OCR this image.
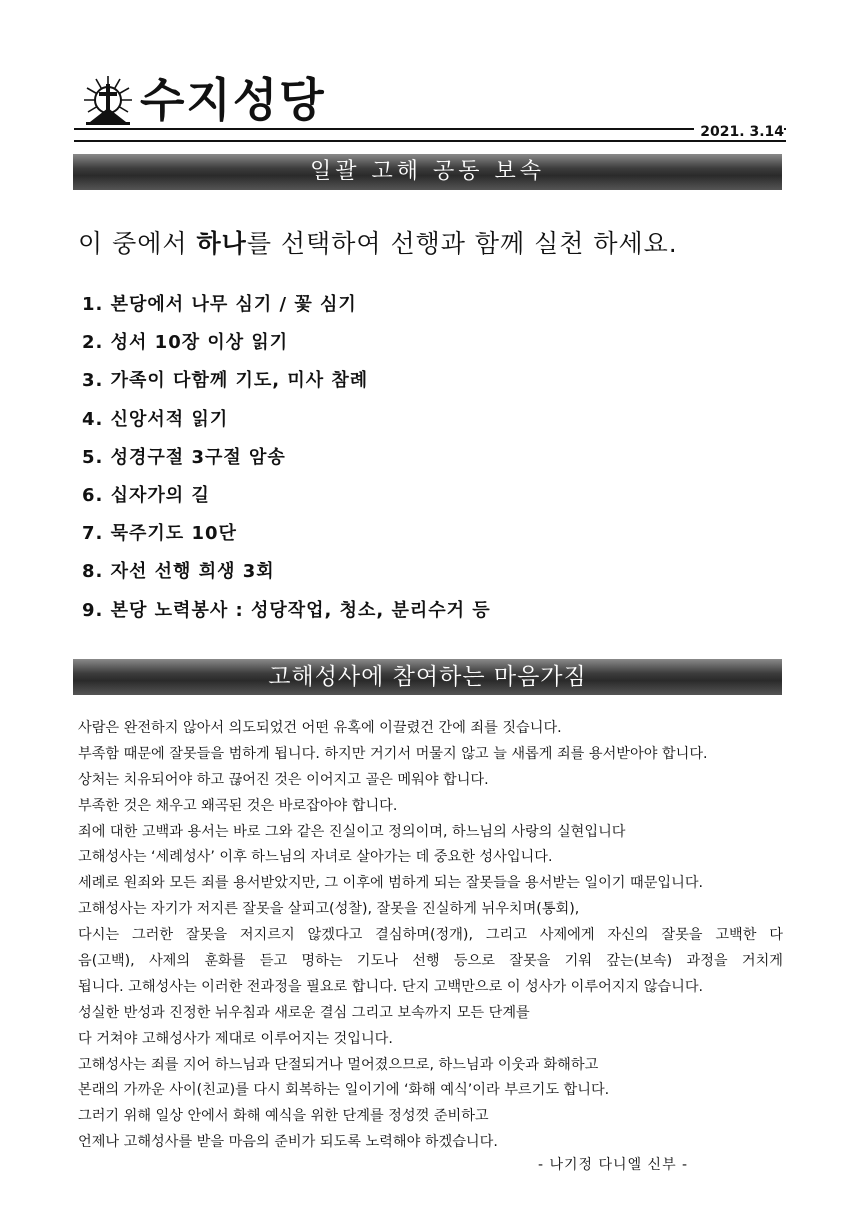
수지성당
2021. 3.14
일괄 고해 공동 보속
이 중에서 하나를 선택하여 선행과 함께 실천 하세요.
1. 본당에서 나무 심기 / 꽃 심기
2. 성서 10장 이상 읽기
3. 가족이 다함께 기도, 미사 참례
4. 신앙서적 읽기
5. 성경구절 3구절 암송
6. 십자가의 길
7. 묵주기도 10단
8. 자선 선행 희생 3회
9. 본당 노력봉사 : 성당작업, 청소, 분리수거 등
고해성사에 참여하는 마음가짐

사람은 완전하지 않아서 의도되었건 어떤 유혹에 이끌렸건 간에 죄를 짓습니다.

부족함 때문에 잘못들을 범하게 됩니다. 하지만 거기서 머물지 않고 늘 새롭게 죄를 용서받아야 합니다.

상처는 치유되어야 하고 끊어진 것은 이어지고 골은 메워야 합니다.

부족한 것은 채우고 왜곡된 것은 바로잡아야 합니다.

죄에 대한 고백과 용서는 바로 그와 같은 진실이고 정의이며, 하느님의 사랑의 실현입니다

고해성사는 ‘세례성사’ 이후 하느님의 자녀로 살아가는 데 중요한 성사입니다.

세례로 원죄와 모든 죄를 용서받았지만, 그 이후에 범하게 되는 잘못들을 용서받는 일이기 때문입니다.

고해성사는 자기가 저지른 잘못을 살피고(성찰), 잘못을 진실하게 뉘우치며(통회),

다시는 그러한 잘못을 저지르지 않겠다고 결심하며(정개), 그리고 사제에게 자신의 잘못을 고백한 다

음(고백), 사제의 훈화를 듣고 명하는 기도나 선행 등으로 잘못을 기워 갚는(보속) 과정을 거치게

됩니다. 고해성사는 이러한 전과정을 필요로 합니다. 단지 고백만으로 이 성사가 이루어지지 않습니다.

성실한 반성과 진정한 뉘우침과 새로운 결심 그리고 보속까지 모든 단계를

다 거쳐야 고해성사가 제대로 이루어지는 것입니다.

고해성사는 죄를 지어 하느님과 단절되거나 멀어졌으므로, 하느님과 이웃과 화해하고

본래의 가까운 사이(친교)를 다시 회복하는 일이기에 ‘화해 예식’이라 부르기도 합니다.

그러기 위해 일상 안에서 화해 예식을 위한 단계를 정성껏 준비하고

언제나 고해성사를 받을 마음의 준비가 되도록 노력해야 하겠습니다.

- 나기정 다니엘 신부 -
